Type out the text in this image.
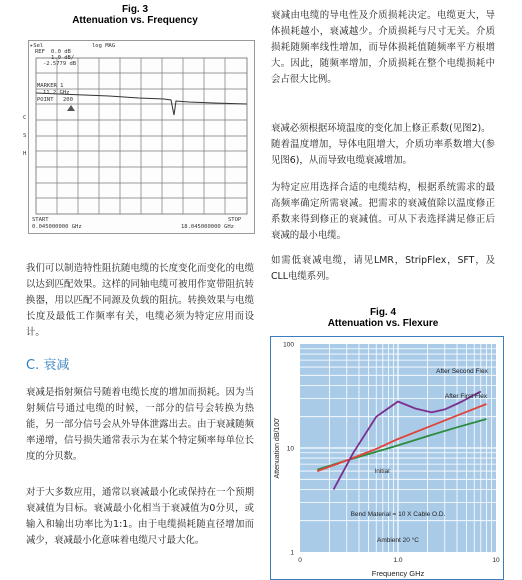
Fig. 3
Attenuation vs. Frequency
▸Sel
REF 0.0 dB
1.0 dB/
-2.5779 dB
log MAG
MARKER 1
11.2 GHz
POINT 200
C
S
H
START
0.045000000 GHz
STOP
18.045000000 GHz

我们可以制造特性阻抗随电缆的长度变化而变化的电缆以达到匹配效果。这样的同轴电缆可被用作宽带阻抗转换器，用以匹配不同源及负载的阻抗。转换效果与电缆长度及最低工作频率有关，电缆必须为特定应用而设计。

C. 衰减

衰减是指射频信号随着电缆长度的增加而损耗。因为当射频信号通过电缆的时候，一部分的信号会转换为热能，另一部分信号会从外导体泄露出去。由于衰减随频率递增，信号损失通常表示为在某个特定频率每单位长度的分贝数。

对于大多数应用，通常以衰减最小化或保持在一个预期衰减值为目标。衰减最小化相当于衰减值为0分贝，或输入和输出功率比为1:1。由于电缆损耗随直径增加而减少，衰减最小化意味着电缆尺寸最大化。

衰减由电缆的导电性及介质损耗决定。电缆更大，导体损耗越小，衰减越少。介质损耗与尺寸无关。介质损耗随频率线性增加，而导体损耗值随频率平方根增大。因此，随频率增加，介质损耗在整个电缆损耗中会占很大比例。

衰减必须根据环境温度的变化加上修正系数(见图2)。

随着温度增加，导体电阻增大，介质功率系数增大(参见图6)，从而导致电缆衰减增加。

为特定应用选择合适的电缆结构，根据系统需求的最高频率确定所需衰减。把需求的衰减值除以温度修正系数来得到修正的衰减值。可从下表选择满足修正后衰减的最小电缆。

如需低衰减电缆，请见LMR，StripFlex，SFT，及CLL电缆系列。

Fig. 4
Attenuation vs. Flexure
100
10
1
0	1.0	10
Attenuation dB/100'
Frequency GHz
Bend Material = 10 X Cable O.D.
Ambient 20 °C
After Second Flex
After First Flex
Initial
